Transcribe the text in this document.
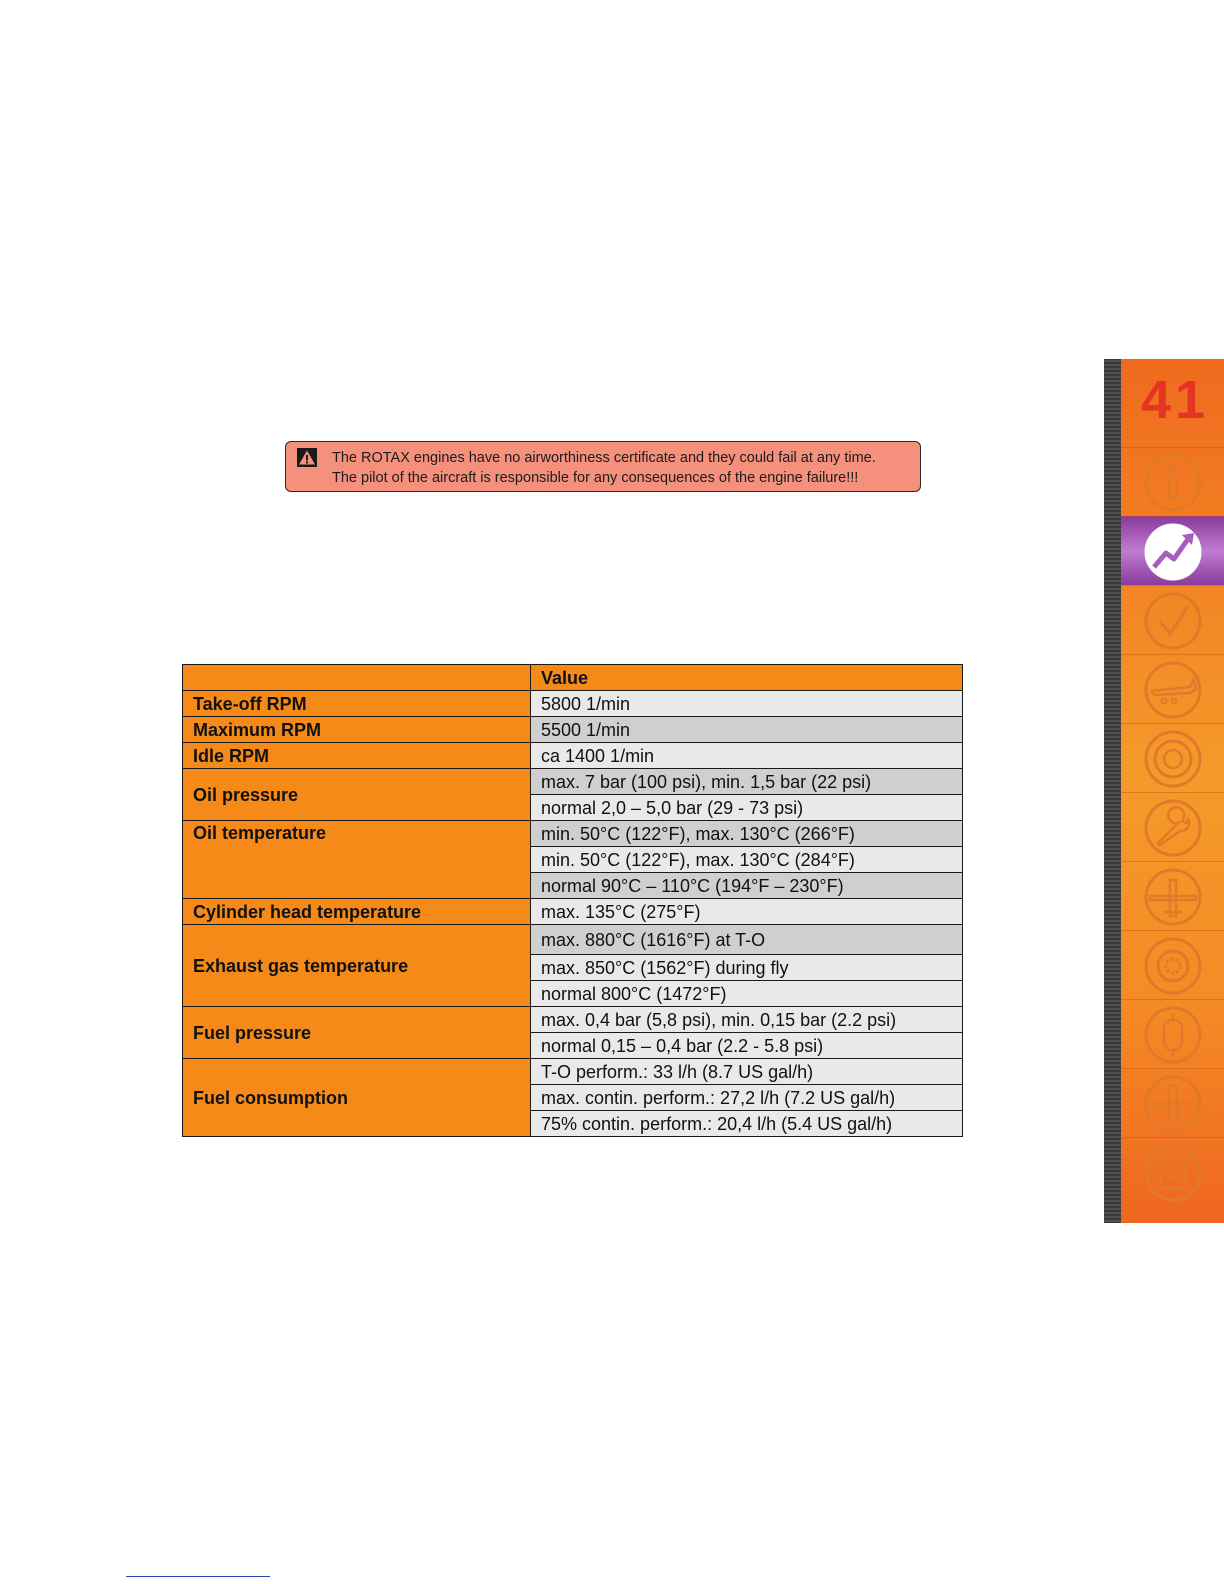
The ROTAX engines have no airworthiness certificate and they could fail at any time.
The pilot of the aircraft is responsible for any consequences of the engine failure!!!
	Value
Take-off RPM	5800 1/min
Maximum RPM	5500 1/min
Idle RPM	ca 1400 1/min
Oil pressure	max. 7 bar (100 psi), min. 1,5 bar (22 psi)
	normal 2,0 – 5,0 bar (29 - 73 psi)
Oil temperature	min. 50°C (122°F), max. 130°C (266°F)
	min. 50°C (122°F), max. 130°C (284°F)
	normal 90°C – 110°C (194°F – 230°F)
Cylinder head temperature	max. 135°C (275°F)
Exhaust gas temperature	max. 880°C (1616°F) at T-O
	max. 850°C (1562°F) during fly
	normal 800°C (1472°F)
Fuel pressure	max. 0,4 bar (5,8 psi), min. 0,15 bar (2.2 psi)
	normal 0,15 – 0,4 bar (2.2 - 5.8 psi)
Fuel consumption	T-O perform.: 33 l/h (8.7 US gal/h)
	max. contin. perform.: 27,2 l/h (7.2 US gal/h)
	75% contin. perform.: 20,4 l/h (5.4 US gal/h)
41
